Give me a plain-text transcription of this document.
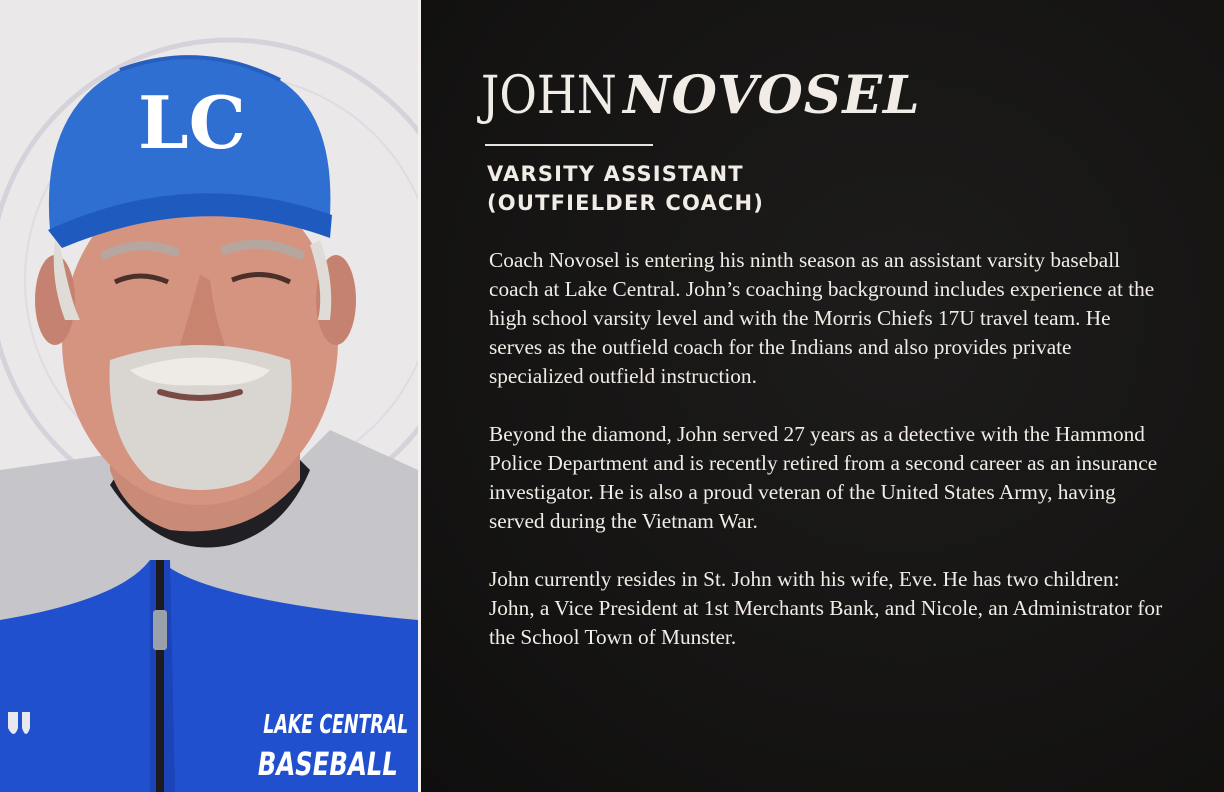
LC
LAKE CENTRAL
BASEBALL
JOHN NOVOSEL
VARSITY ASSISTANT
(OUTFIELDER COACH)

Coach Novosel is entering his ninth season as an assistant varsity baseball coach at Lake Central. John’s coaching background includes experience at the high school varsity level and with the Morris Chiefs 17U travel team. He serves as the outfield coach for the Indians and also provides private specialized outfield instruction.

Beyond the diamond, John served 27 years as a detective with the Hammond Police Department and is recently retired from a second career as an insurance investigator. He is also a proud veteran of the United States Army, having served during the Vietnam War.

John currently resides in St. John with his wife, Eve. He has two children: John, a Vice President at 1st Merchants Bank, and Nicole, an Administrator for the School Town of Munster.
